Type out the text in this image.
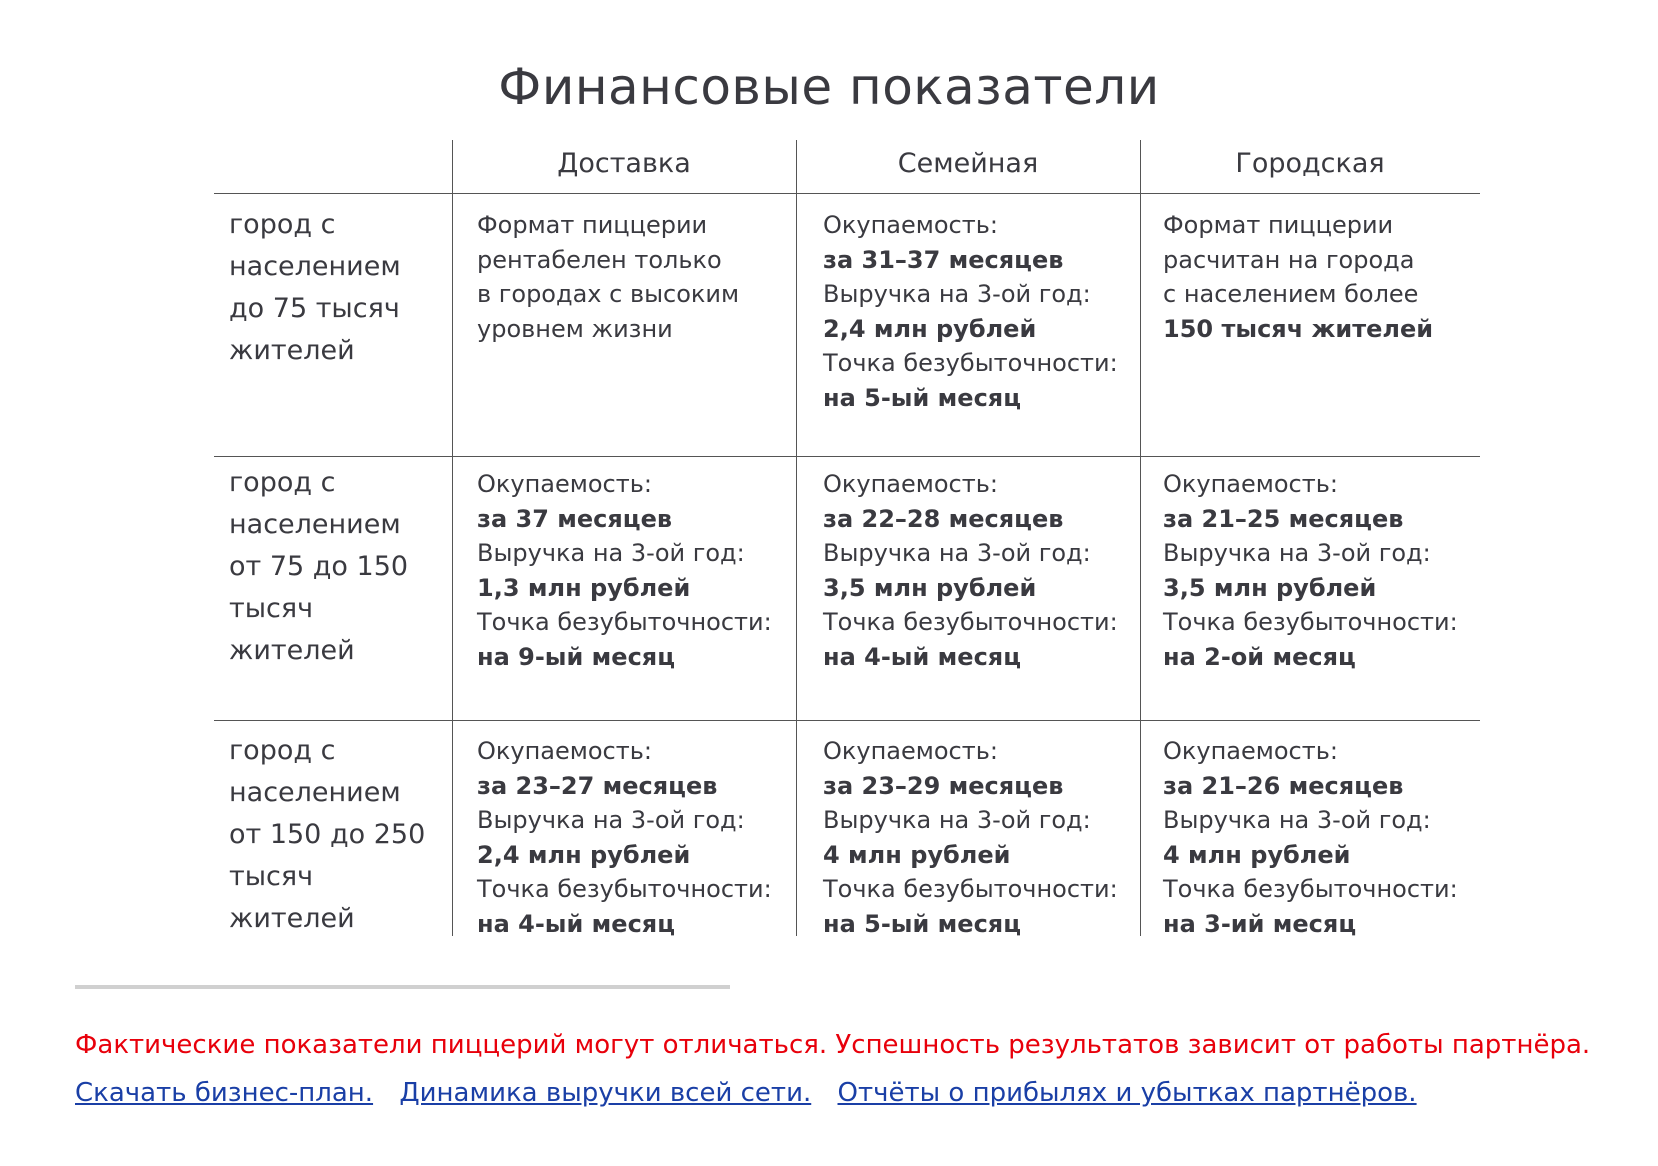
Финансовые показатели
Доставка	Семейная	Городская
город с
населением
до 75 тысяч
жителей
город с
населением
от 75 до 150
тысяч жителей
город с
населением
от 150 до 250
тысяч жителей
Формат пиццерии
рентабелен только
в городах с высоким
уровнем жизни
Окупаемость:
за 31–37 месяцев
Выручка на 3-ой год:
2,4 млн рублей
Точка безубыточности:
на 5-ый месяц
Формат пиццерии
расчитан на города
с населением более
150 тысяч жителей
Окупаемость:
за 37 месяцев
Выручка на 3-ой год:
1,3 млн рублей
Точка безубыточности:
на 9-ый месяц
Окупаемость:
за 22–28 месяцев
Выручка на 3-ой год:
3,5 млн рублей
Точка безубыточности:
на 4-ый месяц
Окупаемость:
за 21–25 месяцев
Выручка на 3-ой год:
3,5 млн рублей
Точка безубыточности:
на 2-ой месяц
Окупаемость:
за 23–27 месяцев
Выручка на 3-ой год:
2,4 млн рублей
Точка безубыточности:
на 4-ый месяц
Окупаемость:
за 23–29 месяцев
Выручка на 3-ой год:
4 млн рублей
Точка безубыточности:
на 5-ый месяц
Окупаемость:
за 21–26 месяцев
Выручка на 3-ой год:
4 млн рублей
Точка безубыточности:
на 3-ий месяц
Фактические показатели пиццерий могут отличаться. Успешность результатов зависит от работы партнёра.
Скачать бизнес-план. Динамика выручки всей сети. Отчёты о прибылях и убытках партнёров.
